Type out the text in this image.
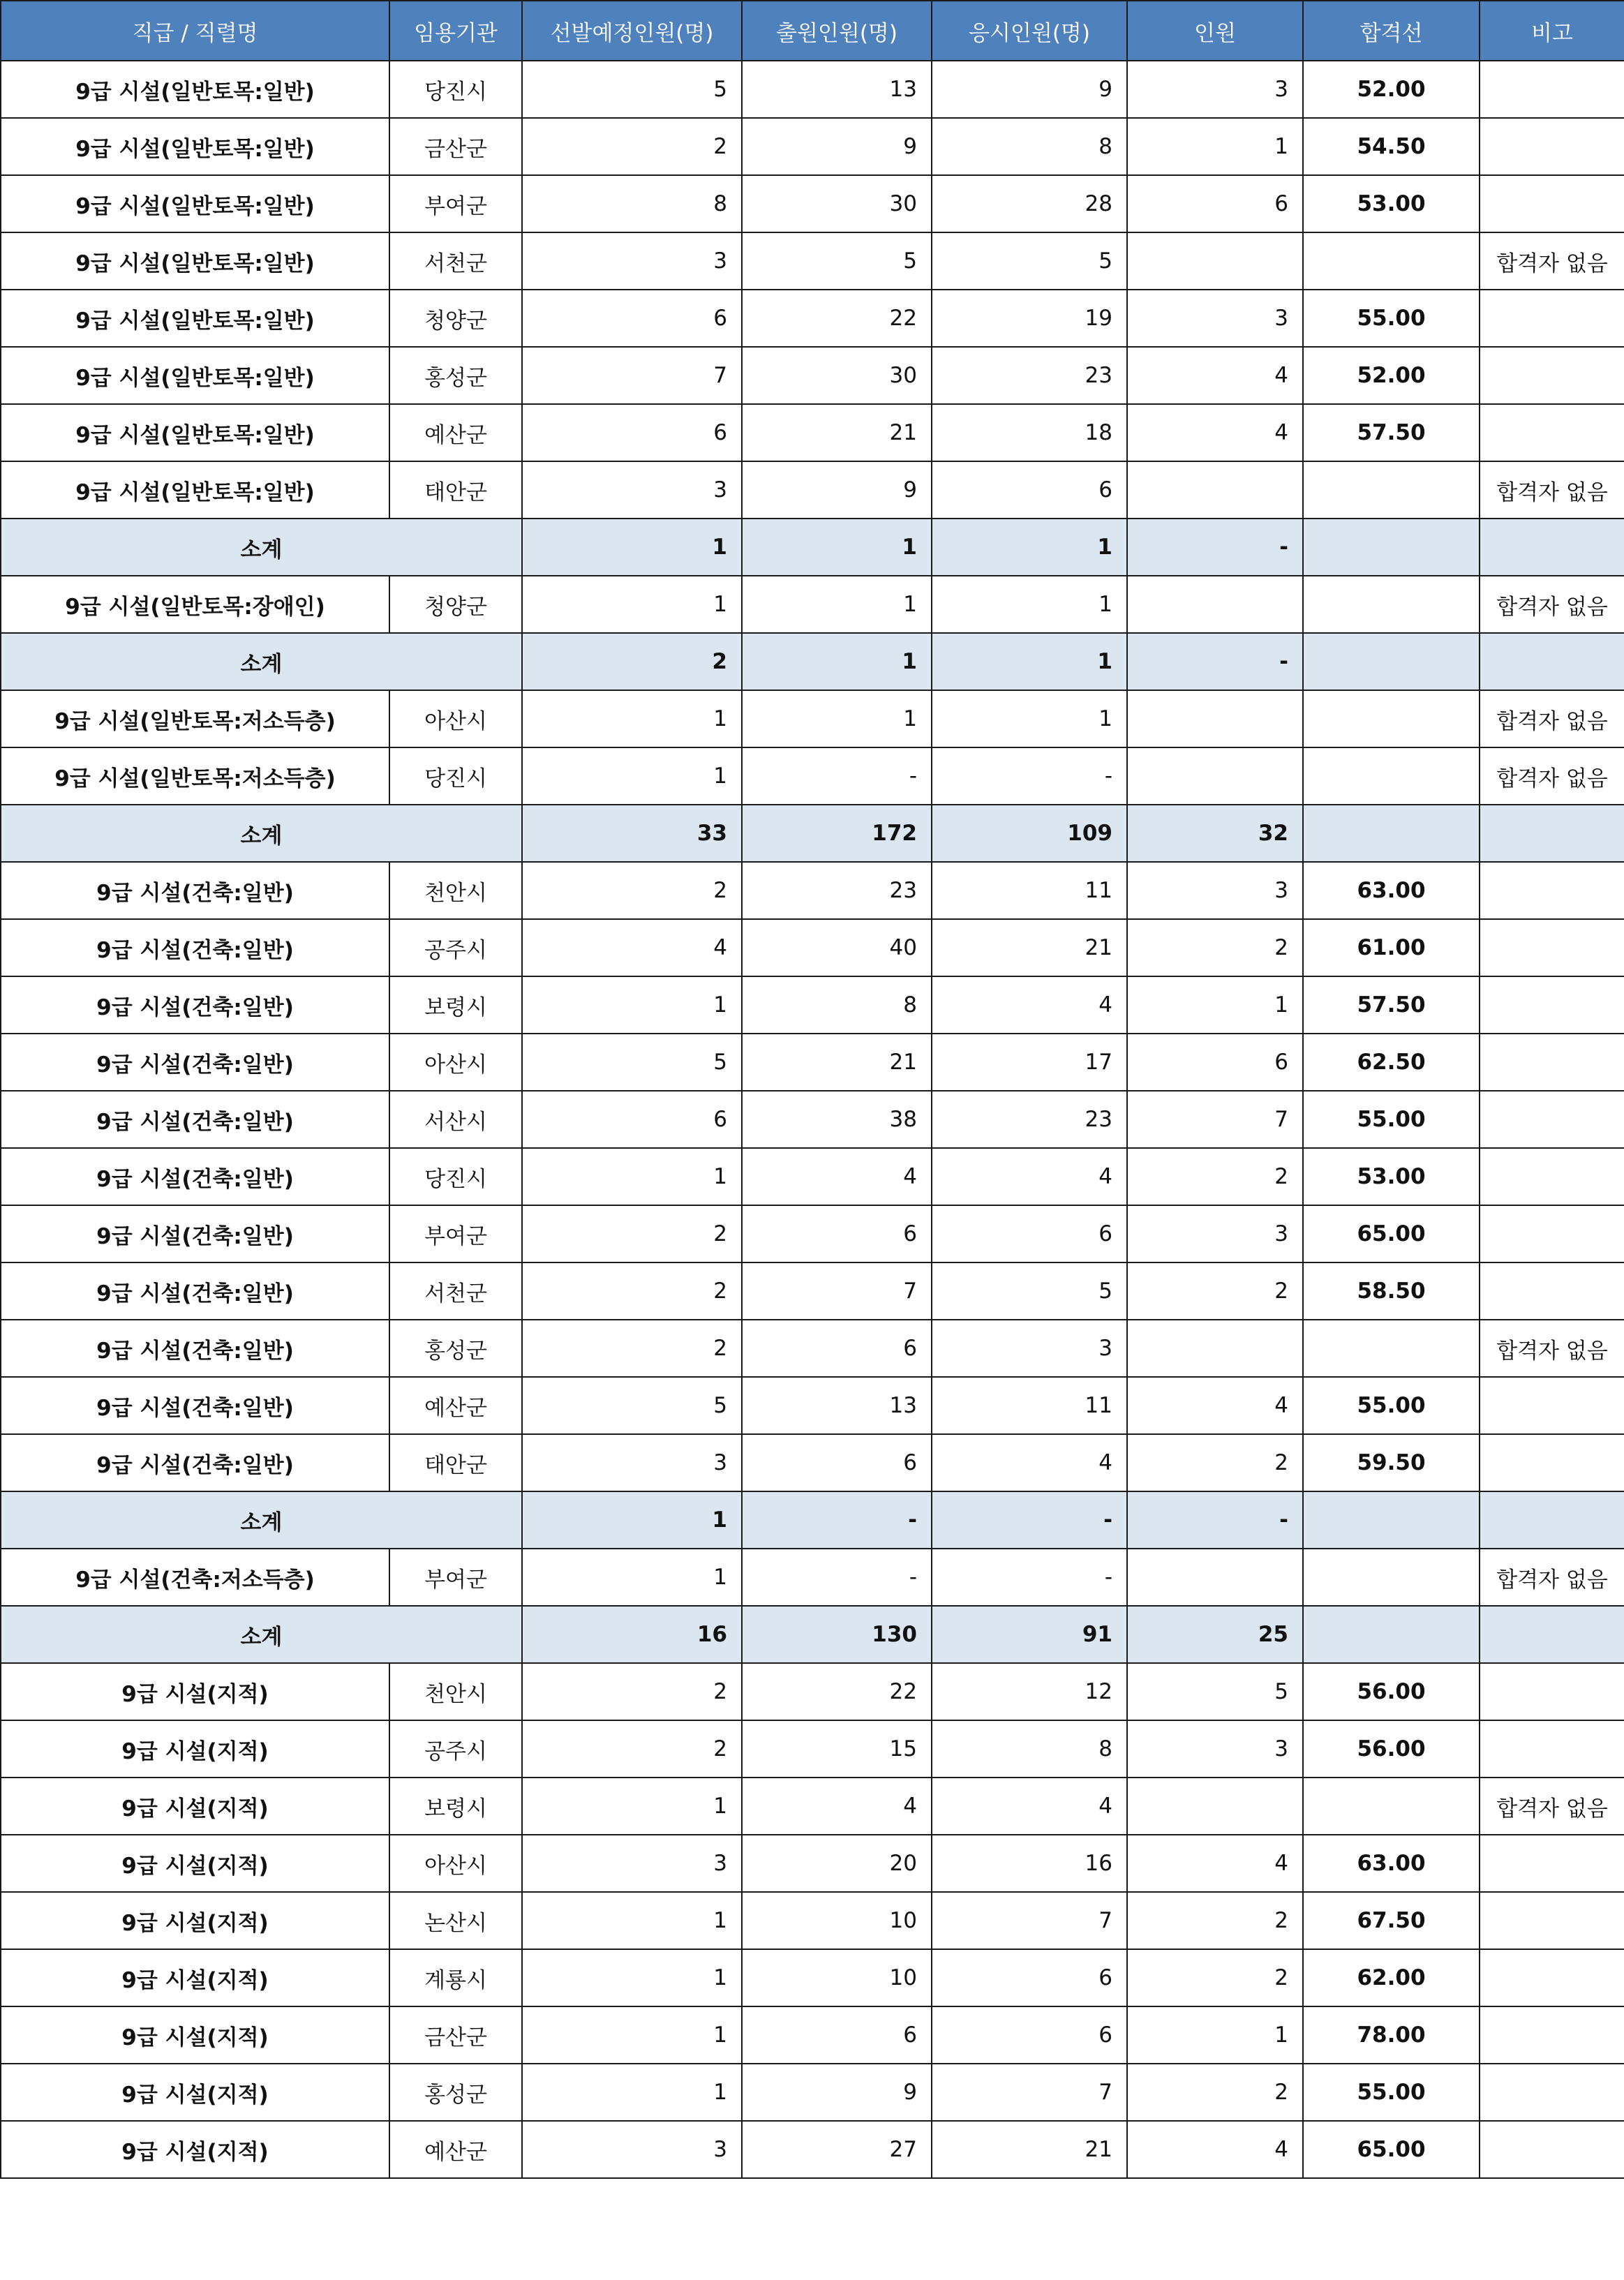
직급 / 직렬명	임용기관	선발예정인원(명)	출원인원(명)	응시인원(명)	인원	합격선	비고
9급 시설(일반토목:일반)	당진시	5	13	9	3	52.00	
9급 시설(일반토목:일반)	금산군	2	9	8	1	54.50	
9급 시설(일반토목:일반)	부여군	8	30	28	6	53.00	
9급 시설(일반토목:일반)	서천군	3	5	5			합격자 없음
9급 시설(일반토목:일반)	청양군	6	22	19	3	55.00	
9급 시설(일반토목:일반)	홍성군	7	30	23	4	52.00	
9급 시설(일반토목:일반)	예산군	6	21	18	4	57.50	
9급 시설(일반토목:일반)	태안군	3	9	6			합격자 없음
소계		1	1	1	-		
9급 시설(일반토목:장애인)	청양군	1	1	1			합격자 없음
소계		2	1	1	-		
9급 시설(일반토목:저소득층)	아산시	1	1	1			합격자 없음
9급 시설(일반토목:저소득층)	당진시	1	-	-			합격자 없음
소계		33	172	109	32		
9급 시설(건축:일반)	천안시	2	23	11	3	63.00	
9급 시설(건축:일반)	공주시	4	40	21	2	61.00	
9급 시설(건축:일반)	보령시	1	8	4	1	57.50	
9급 시설(건축:일반)	아산시	5	21	17	6	62.50	
9급 시설(건축:일반)	서산시	6	38	23	7	55.00	
9급 시설(건축:일반)	당진시	1	4	4	2	53.00	
9급 시설(건축:일반)	부여군	2	6	6	3	65.00	
9급 시설(건축:일반)	서천군	2	7	5	2	58.50	
9급 시설(건축:일반)	홍성군	2	6	3			합격자 없음
9급 시설(건축:일반)	예산군	5	13	11	4	55.00	
9급 시설(건축:일반)	태안군	3	6	4	2	59.50	
소계		1	-	-	-		
9급 시설(건축:저소득층)	부여군	1	-	-			합격자 없음
소계		16	130	91	25		
9급 시설(지적)	천안시	2	22	12	5	56.00	
9급 시설(지적)	공주시	2	15	8	3	56.00	
9급 시설(지적)	보령시	1	4	4			합격자 없음
9급 시설(지적)	아산시	3	20	16	4	63.00	
9급 시설(지적)	논산시	1	10	7	2	67.50	
9급 시설(지적)	계룡시	1	10	6	2	62.00	
9급 시설(지적)	금산군	1	6	6	1	78.00	
9급 시설(지적)	홍성군	1	9	7	2	55.00	
9급 시설(지적)	예산군	3	27	21	4	65.00	
